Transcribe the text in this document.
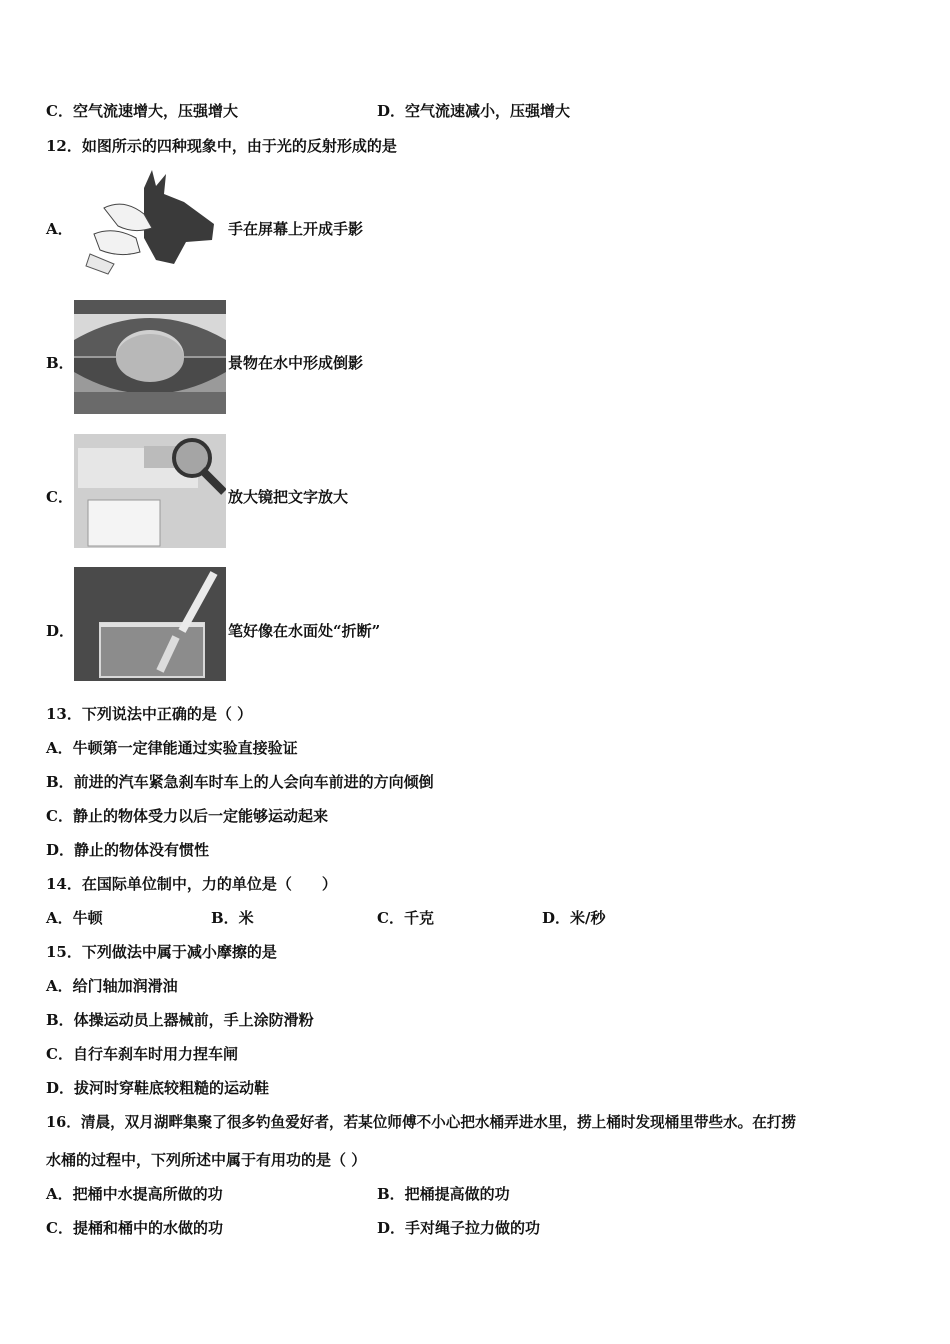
C．空气流速增大，压强增大	D．空气流速减小，压强增大
12．如图所示的四种现象中，由于光的反射形成的是
A．	手在屏幕上开成手影
B．	景物在水中形成倒影
C．	放大镜把文字放大
D．	笔好像在水面处“折断”
13．下列说法中正确的是（ ）
A．牛顿第一定律能通过实验直接验证
B．前进的汽车紧急刹车时车上的人会向车前进的方向倾倒
C．静止的物体受力以后一定能够运动起来
D．静止的物体没有惯性
14．在国际单位制中，力的单位是（　　）
A．牛顿	B．米	C．千克	D．米/秒
15．下列做法中属于减小摩擦的是
A．给门轴加润滑油
B．体操运动员上器械前，手上涂防滑粉
C．自行车刹车时用力捏车闸
D．拔河时穿鞋底较粗糙的运动鞋
16．清晨，双月湖畔集聚了很多钓鱼爱好者，若某位师傅不小心把水桶弄进水里，捞上桶时发现桶里带些水。在打捞
水桶的过程中，下列所述中属于有用功的是（ ）
A．把桶中水提高所做的功	B．把桶提高做的功
C．提桶和桶中的水做的功	D．手对绳子拉力做的功
